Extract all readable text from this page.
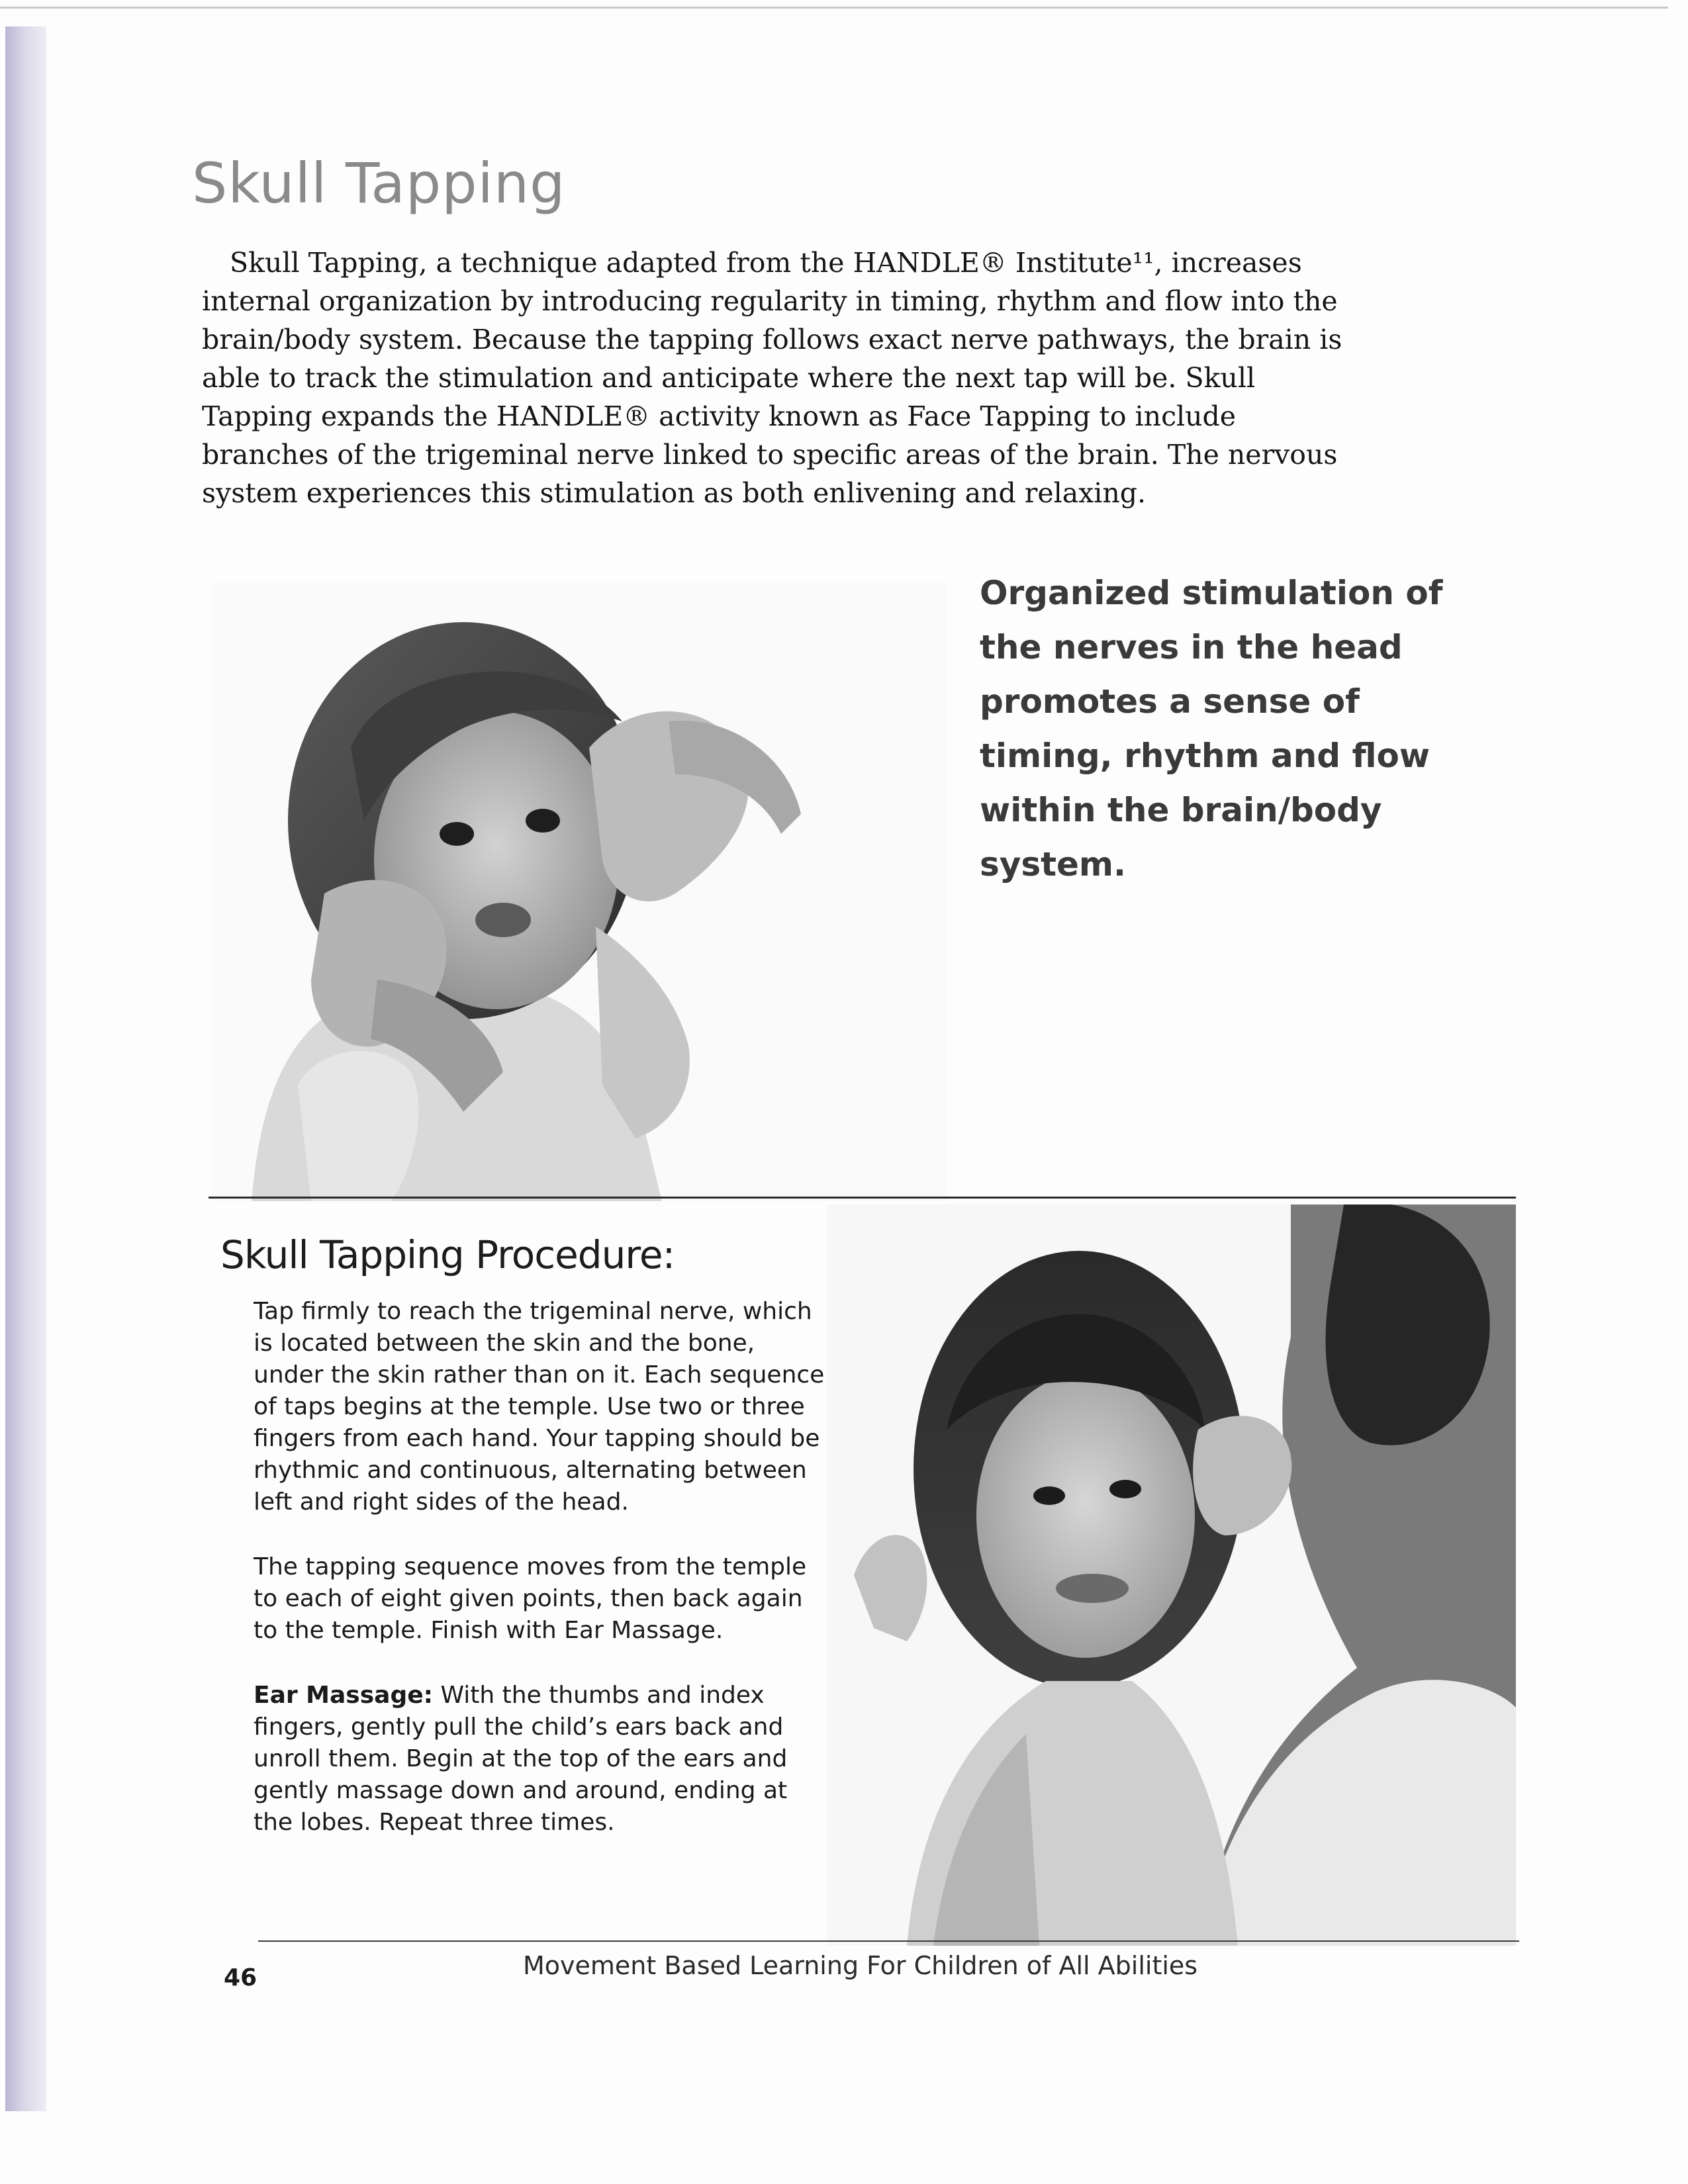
Skull Tapping

Skull Tapping, a technique adapted from the HANDLE® Institute¹¹, increases internal organization by introducing regularity in timing, rhythm and flow into the brain/body system. Because the tapping follows exact nerve pathways, the brain is able to track the stimulation and anticipate where the next tap will be. Skull Tapping expands the HANDLE® activity known as Face Tapping to include branches of the trigeminal nerve linked to specific areas of the brain. The nervous system experiences this stimulation as both enlivening and relaxing.

Organized stimulation of the nerves in the head promotes a sense of timing, rhythm and flow within the brain/body system.
Skull Tapping Procedure:

Tap firmly to reach the trigeminal nerve, which is located between the skin and the bone, under the skin rather than on it. Each sequence of taps begins at the temple. Use two or three fingers from each hand. Your tapping should be rhythmic and continuous, alternating between left and right sides of the head.

The tapping sequence moves from the temple to each of eight given points, then back again to the temple. Finish with Ear Massage.

Ear Massage: With the thumbs and index fingers, gently pull the child’s ears back and unroll them. Begin at the top of the ears and gently massage down and around, ending at the lobes. Repeat three times.

46	Movement Based Learning For Children of All Abilities
